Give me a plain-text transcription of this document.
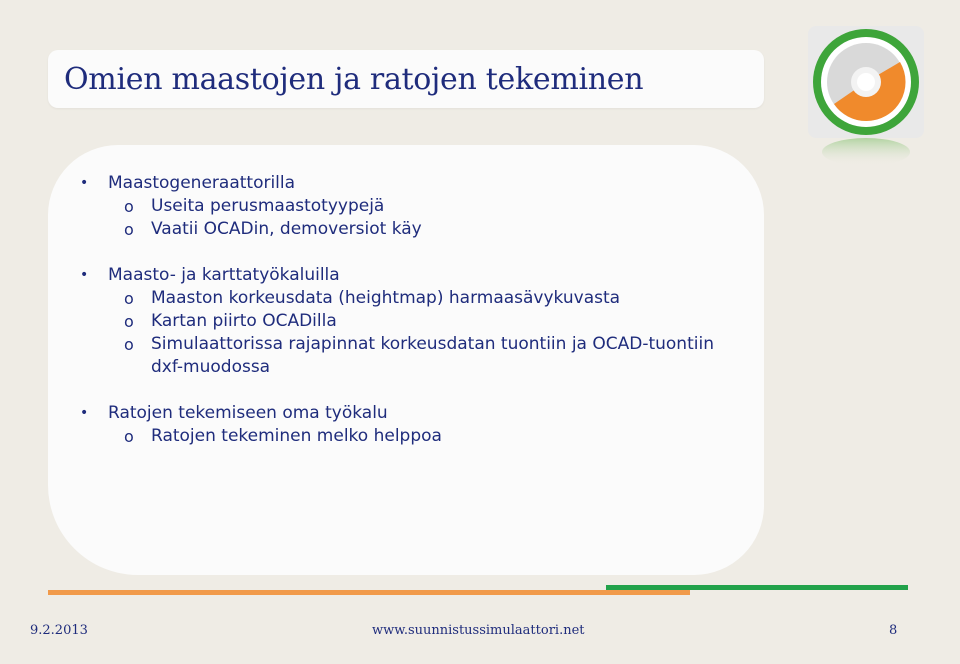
Omien maastojen ja ratojen tekeminen

• Maastogeneraattorilla

o Useita perusmaastotyypejä

o Vaatii OCADin, demoversiot käy

• Maasto- ja karttatyökaluilla

o Maaston korkeusdata (heightmap) harmaasävykuvasta

o Kartan piirto OCADilla

o Simulaattorissa rajapinnat korkeusdatan tuontiin ja OCAD-tuontiin dxf-muodossa

• Ratojen tekemiseen oma työkalu

o Ratojen tekeminen melko helppoa

9.2.2013	www.suunnistussimulaattori.net	8
